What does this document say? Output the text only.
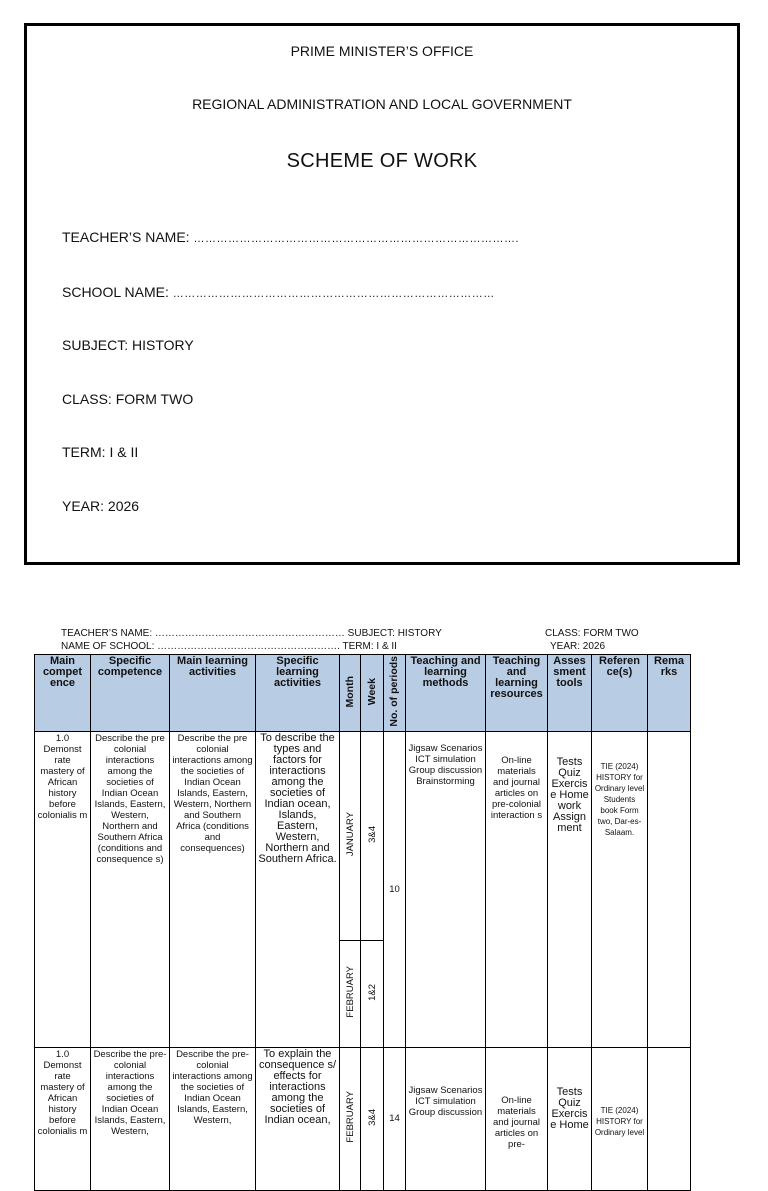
PRIME MINISTER’S OFFICE
REGIONAL ADMINISTRATION AND LOCAL GOVERNMENT
SCHEME OF WORK
TEACHER’S NAME: ………………………………………………………………………….
SCHOOL NAME: …………………………………………………………………………
SUBJECT: HISTORY
CLASS: FORM TWO
TERM: I & II
YEAR: 2026
TEACHER’S NAME: ………………………………………………… SUBJECT: HISTORY
NAME OF SCHOOL: ………………………………………………. TERM: I & II
CLASS: FORM TWO
YEAR: 2026
Main compet ence	Specific competence	Main learning activities	Specific learning activities	Month	Week	No. of periods	Teaching and learning methods	Teaching and learning resources	Asses sment tools	Referen ce(s)	Rema rks
1.0 Demonst rate mastery of African history before colonialis m	Describe the pre colonial interactions among the societies of Indian Ocean Islands, Eastern, Western, Northern and Southern Africa (conditions and consequence s)	Describe the pre colonial interactions among the societies of Indian Ocean Islands, Eastern, Western, Northern and Southern Africa (conditions and consequences)	To describe the types and factors for interactions among the societies of Indian ocean, Islands, Eastern, Western, Northern and Southern Africa.	JANUARY	3&4	10	Jigsaw Scenarios ICT simulation Group discussion Brainstorming	On-line materials and journal articles on pre-colonial interaction s	Tests Quiz Exercis e Home work Assign ment	TIE (2024) HISTORY for Ordinary level Students book Form two, Dar-es-Salaam.	

				FEBRUARY	1&2						
1.0 Demonst rate mastery of African history before colonialis m	Describe the pre-colonial interactions among the societies of Indian Ocean Islands, Eastern, Western,	Describe the pre-colonial interactions among the societies of Indian Ocean Islands, Eastern, Western,	To explain the consequence s/ effects for interactions among the societies of Indian ocean,	FEBRUARY	3&4	14	Jigsaw Scenarios ICT simulation Group discussion	On-line materials and journal articles on pre-	Tests Quiz Exercis e Home	TIE (2024) HISTORY for Ordinary level	
